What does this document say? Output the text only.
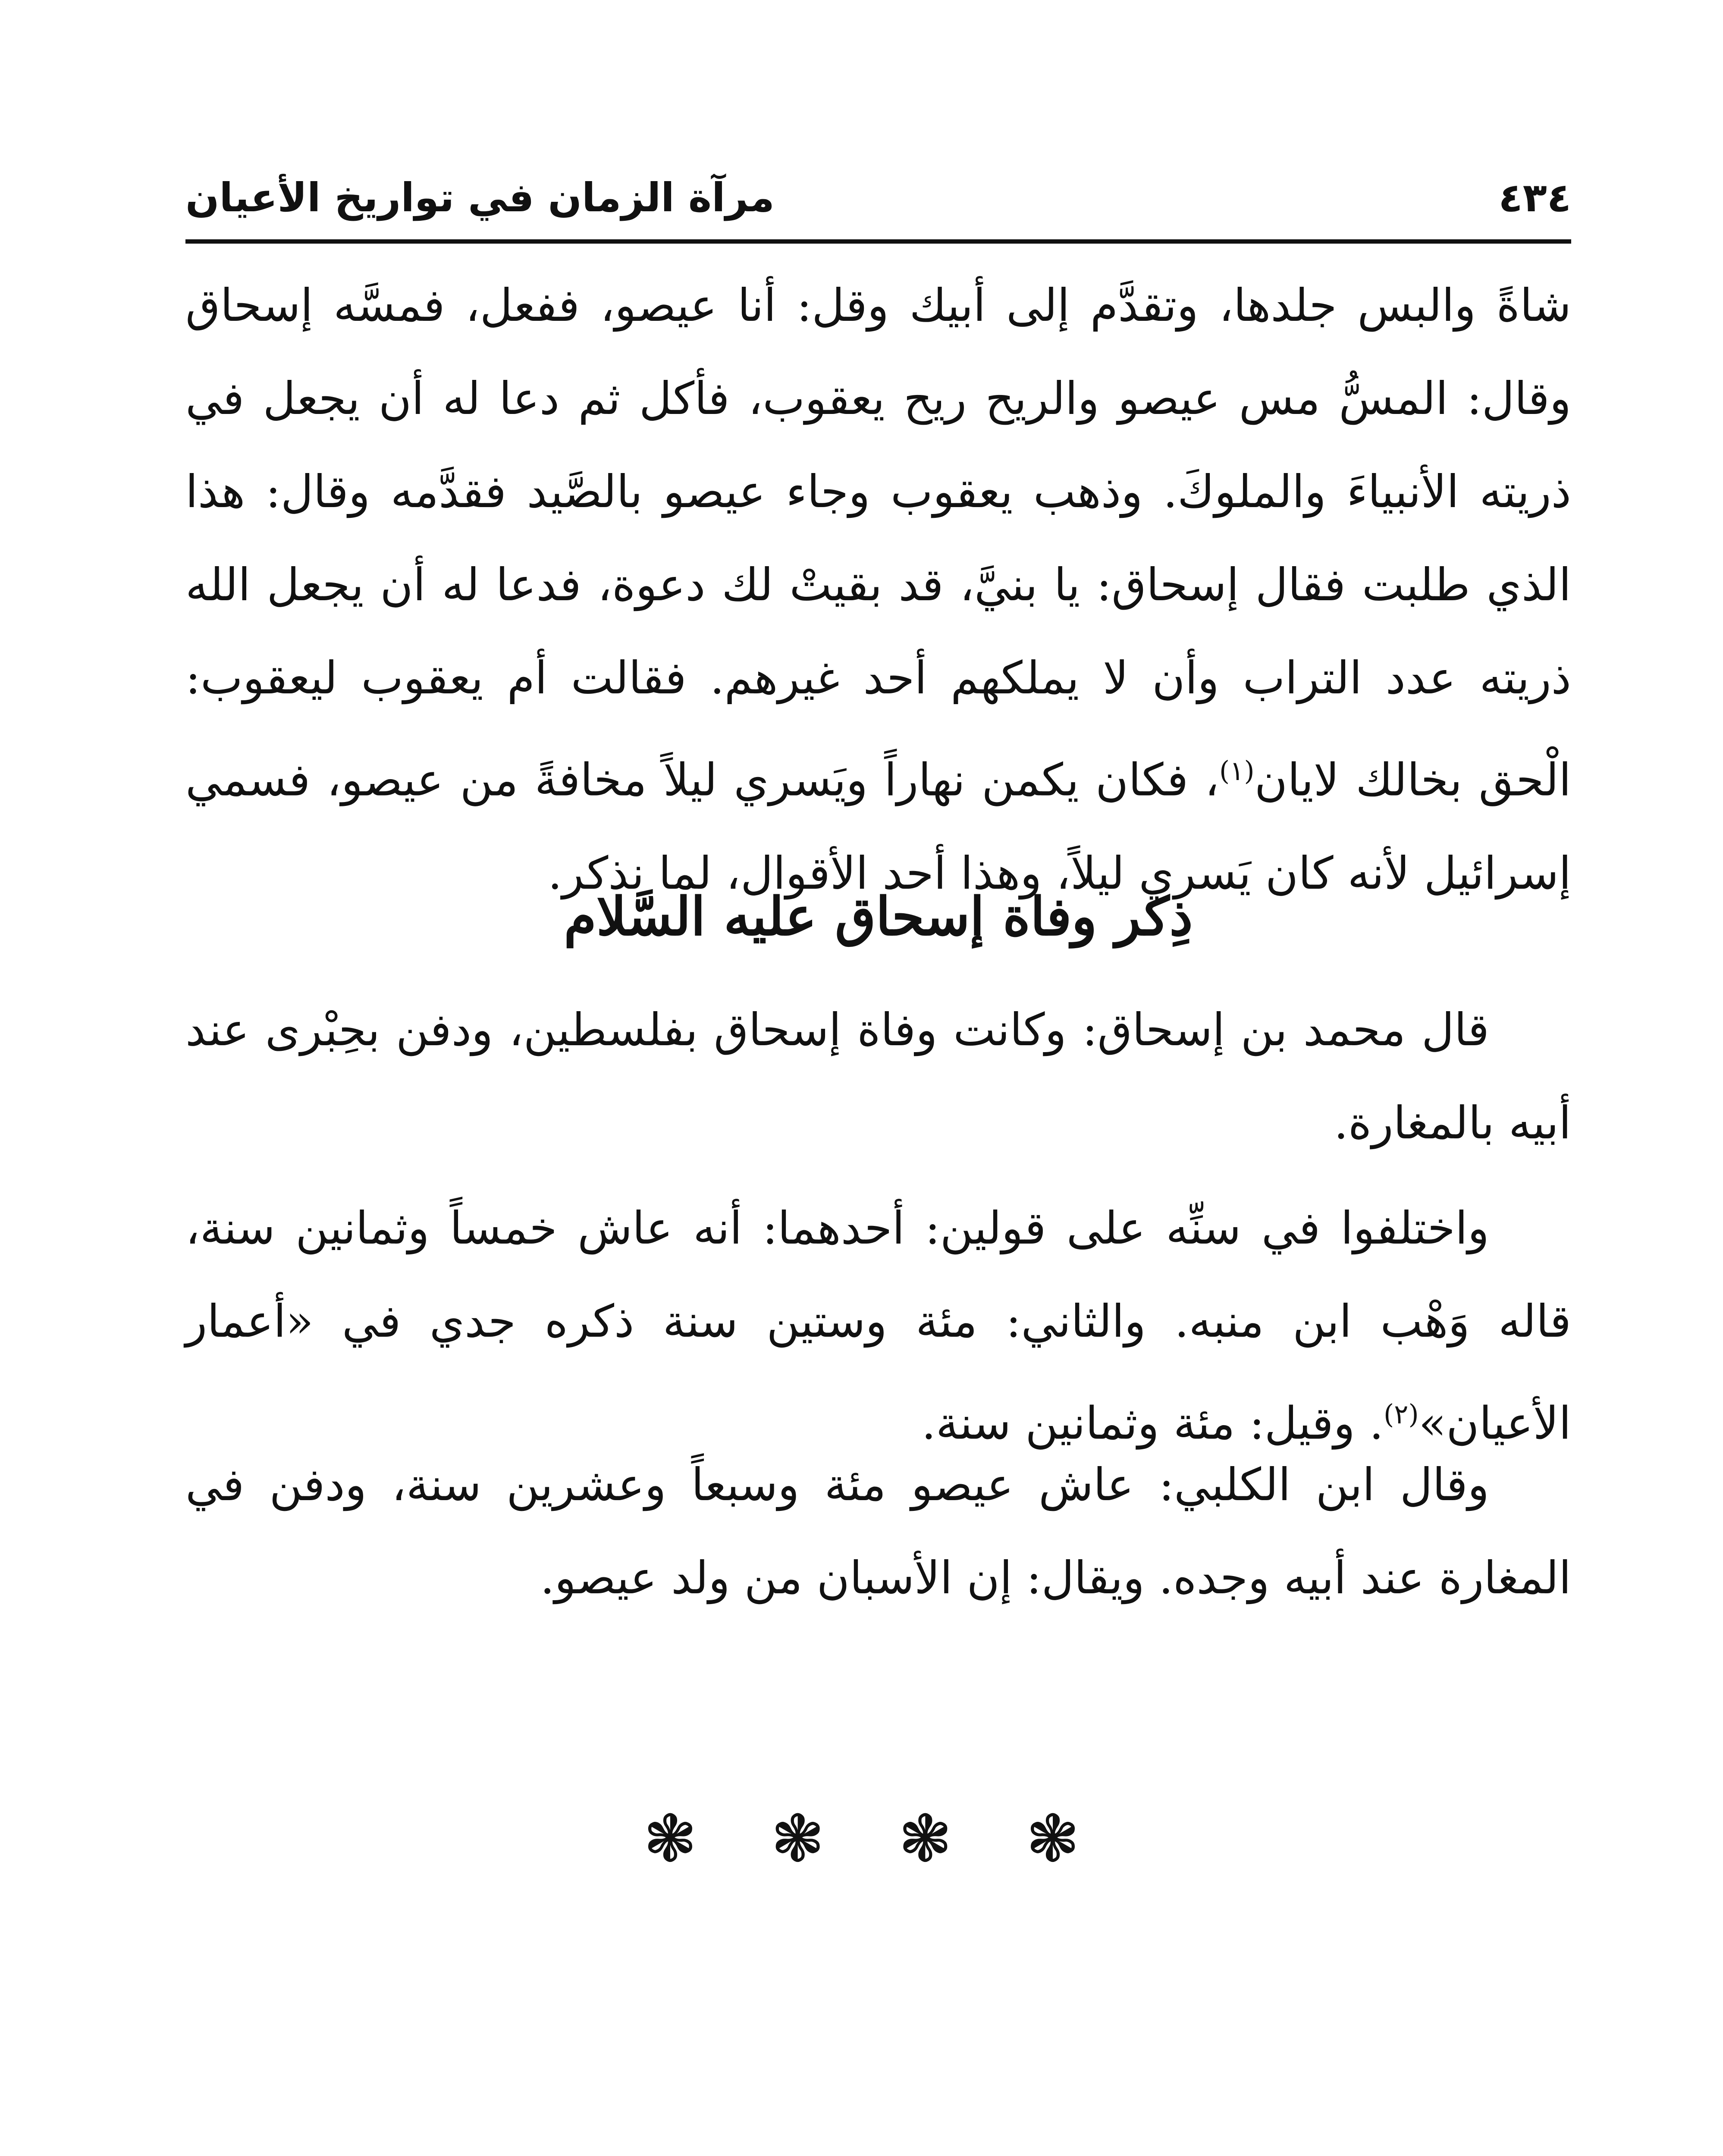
٤٣٤
مرآة الزمان في تواريخ الأعيان

شاةً والبس جلدها، وتقدَّم إلى أبيك وقل: أنا عيصو، ففعل، فمسَّه إسحاق وقال: المسُّ مس عيصو والريح ريح يعقوب، فأكل ثم دعا له أن يجعل في ذريته الأنبياءَ والملوكَ. وذهب يعقوب وجاء عيصو بالصَّيد فقدَّمه وقال: هذا الذي طلبت فقال إسحاق: يا بنيَّ، قد بقيتْ لك دعوة، فدعا له أن يجعل الله ذريته عدد التراب وأن لا يملكهم أحد غيرهم. فقالت أم يعقوب ليعقوب: الْحق بخالك لايان$^{(١)}$، فكان يكمن نهاراً ويَسري ليلاً مخافةً من عيصو، فسمي إسرائيل لأنه كان يَسري ليلاً، وهذا أحد الأقوال، لما نذكر.

ذِكر وفاة إسحاق عليه السَّلام

قال محمد بن إسحاق: وكانت وفاة إسحاق بفلسطين، ودفن بحِبْرى عند أبيه بالمغارة.

واختلفوا في سنِّه على قولين: أحدهما: أنه عاش خمساً وثمانين سنة، قاله وَهْب ابن منبه. والثاني: مئة وستين سنة ذكره جدي في «أعمار الأعيان»$^{(٢)}$. وقيل: مئة وثمانين سنة.

وقال ابن الكلبي: عاش عيصو مئة وسبعاً وعشرين سنة، ودفن في المغارة عند أبيه وجده. ويقال: إن الأسبان من ولد عيصو.

❃ ❃ ❃ ❃
